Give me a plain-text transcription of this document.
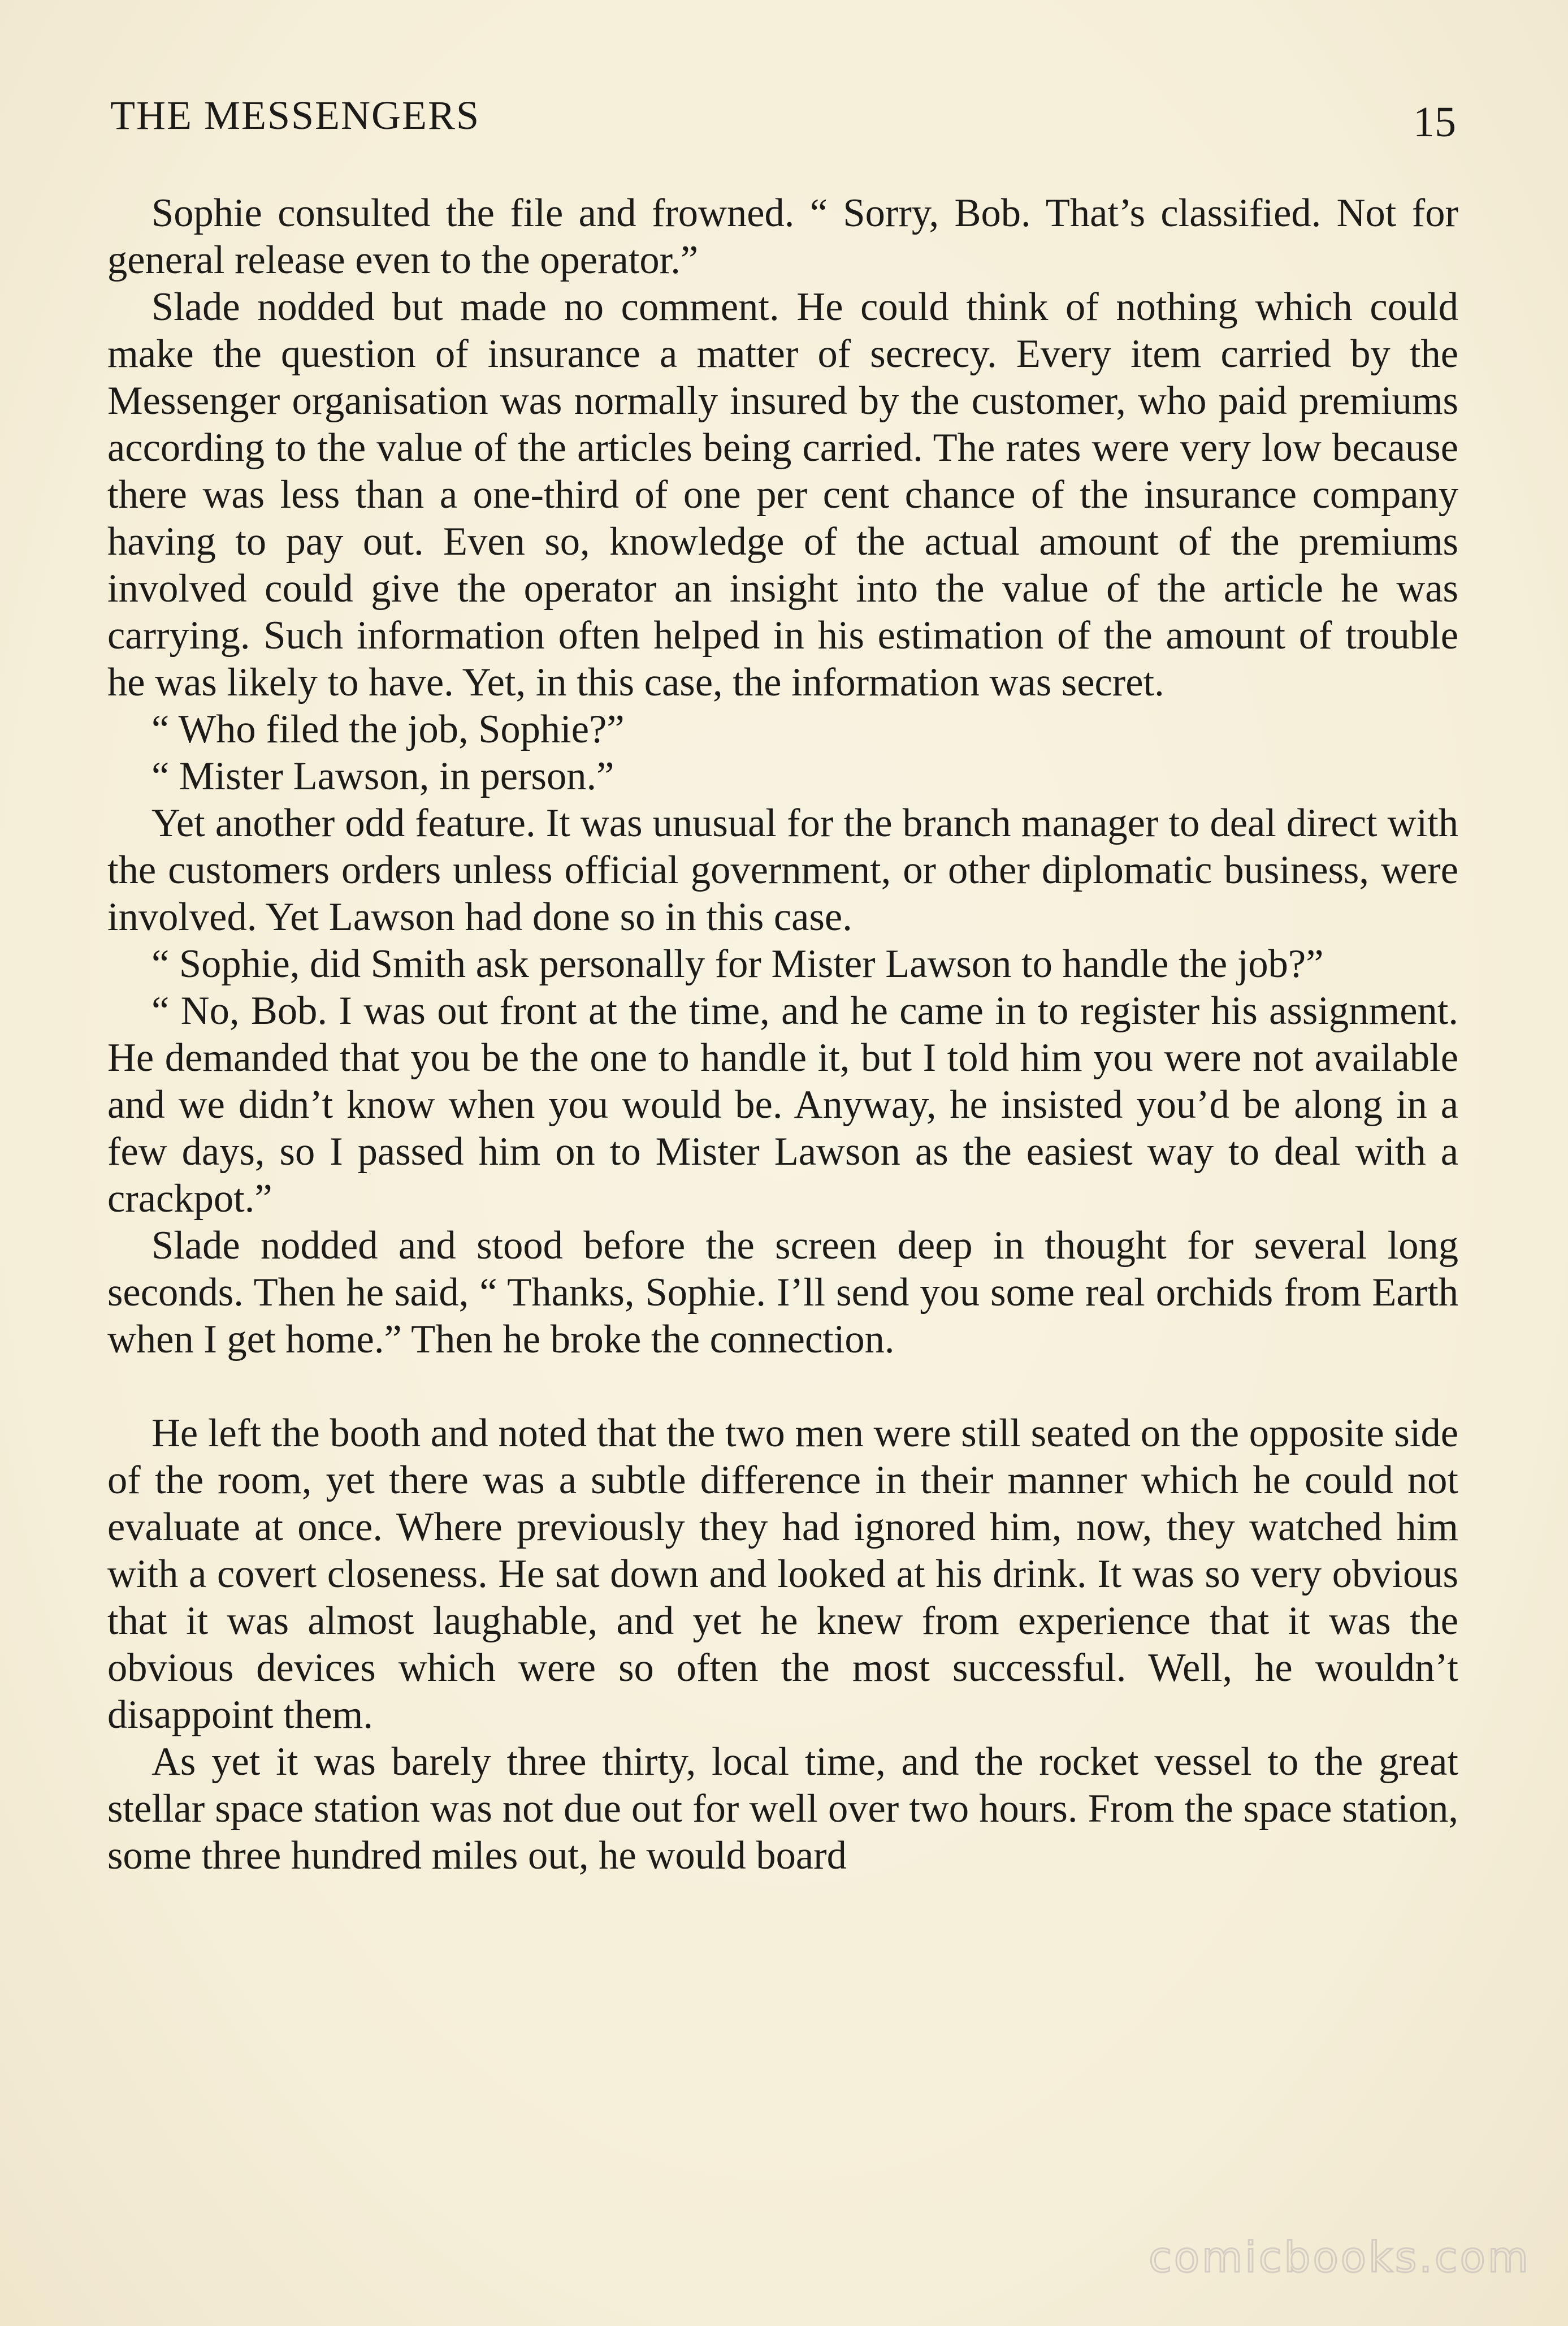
THE MESSENGERS	15

Sophie consulted the file and frowned. “ Sorry, Bob. That’s classified. Not for general release even to the operator.”

Slade nodded but made no comment. He could think of nothing which could make the question of insurance a matter of secrecy. Every item carried by the Messenger organisation was normally insured by the customer, who paid premiums according to the value of the articles being carried. The rates were very low because there was less than a one-third of one per cent chance of the insurance company having to pay out. Even so, knowledge of the actual amount of the premiums involved could give the operator an insight into the value of the article he was carrying. Such information often helped in his estimation of the amount of trouble he was likely to have. Yet, in this case, the information was secret.

“ Who filed the job, Sophie?”

“ Mister Lawson, in person.”

Yet another odd feature. It was unusual for the branch manager to deal direct with the customers orders unless official government, or other diplomatic business, were involved. Yet Lawson had done so in this case.

“ Sophie, did Smith ask personally for Mister Lawson to handle the job?”

“ No, Bob. I was out front at the time, and he came in to register his assignment. He demanded that you be the one to handle it, but I told him you were not available and we didn’t know when you would be. Anyway, he insisted you’d be along in a few days, so I passed him on to Mister Lawson as the easiest way to deal with a crackpot.”

Slade nodded and stood before the screen deep in thought for several long seconds. Then he said, “ Thanks, Sophie. I’ll send you some real orchids from Earth when I get home.” Then he broke the connection.

He left the booth and noted that the two men were still seated on the opposite side of the room, yet there was a subtle difference in their manner which he could not evaluate at once. Where previously they had ignored him, now, they watched him with a covert closeness. He sat down and looked at his drink. It was so very obvious that it was almost laughable, and yet he knew from experience that it was the obvious devices which were so often the most successful. Well, he wouldn’t disappoint them.

As yet it was barely three thirty, local time, and the rocket vessel to the great stellar space station was not due out for well over two hours. From the space station, some three hundred miles out, he would board

comicbooks.com
